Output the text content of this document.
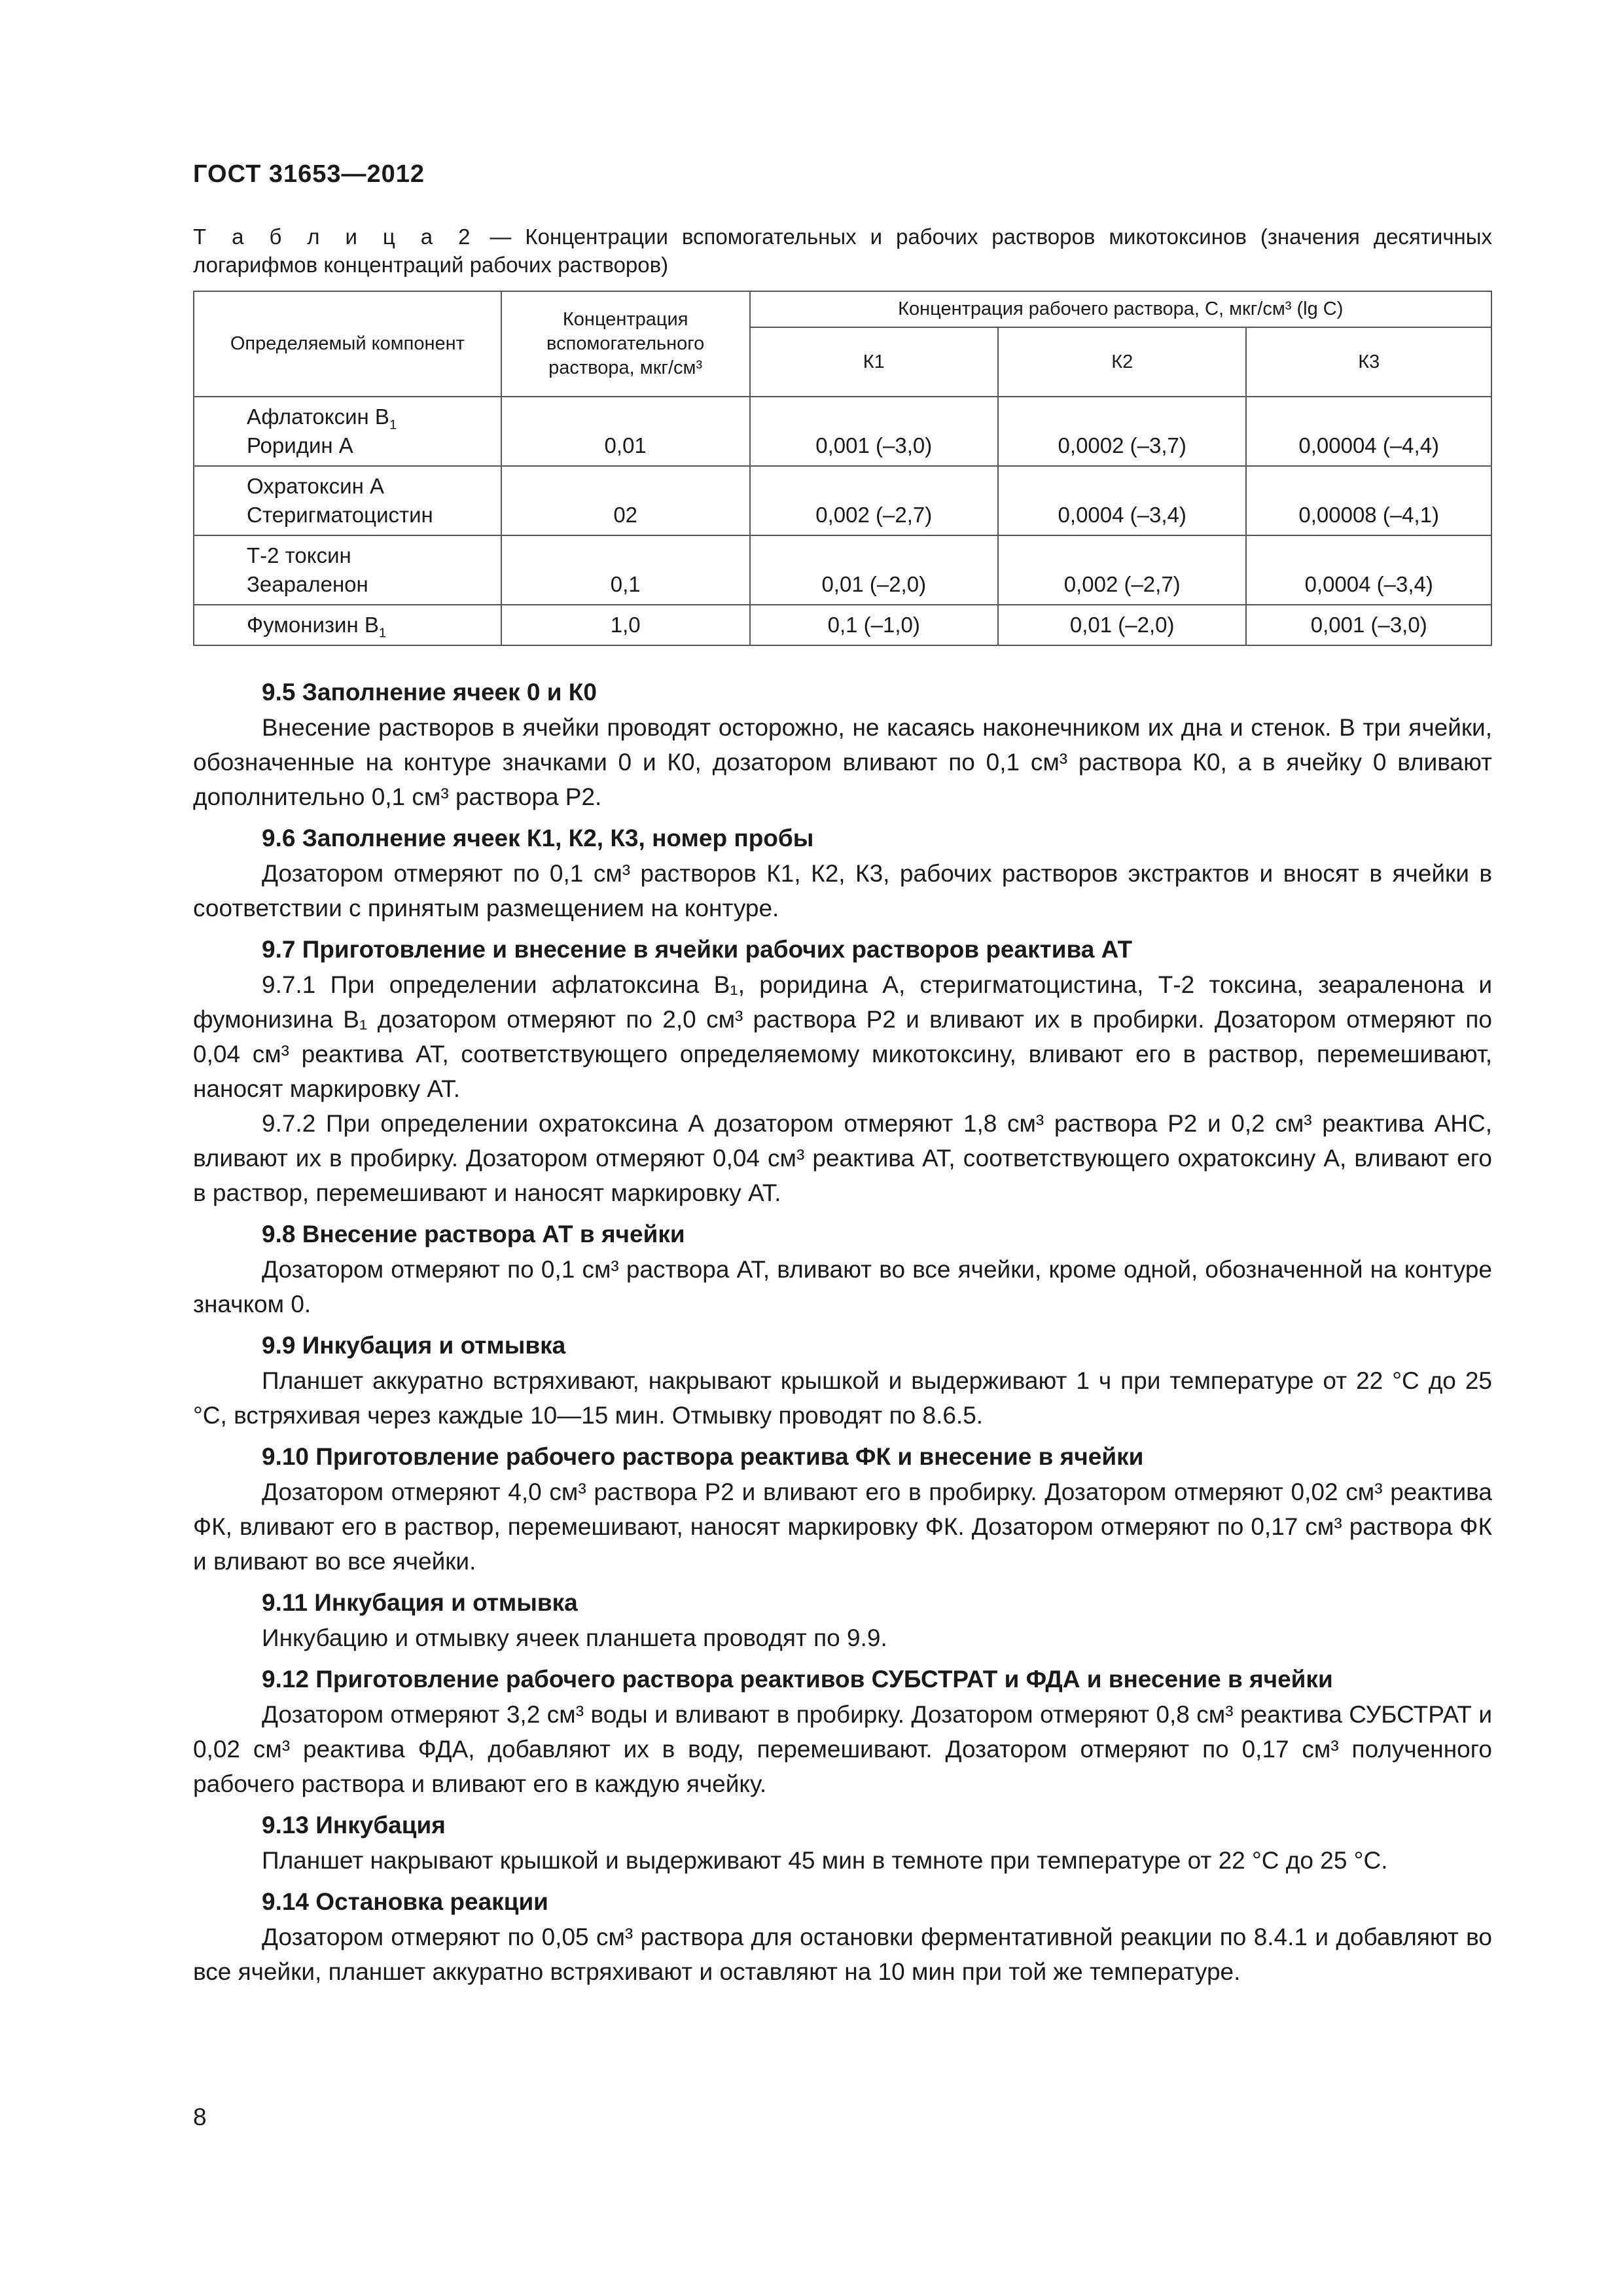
ГОСТ 31653—2012

Т а б л и ц а 2 — Концентрации вспомогательных и рабочих растворов микотоксинов (значения десятичных логарифмов концентраций рабочих растворов)

Определяемый компонент	Концентрация вспомогательного раствора, мкг/см³	Концентрация рабочего раствора, С, мкг/см³ (lg C)		
		К1	К2	К3

Афлатоксин $B_1$
Роридин А	0,01	0,001 (–3,0)	0,0002 (–3,7)	0,00004 (–4,4)

Охратоксин А
Стеригматоцистин	02	0,002 (–2,7)	0,0004 (–3,4)	0,00008 (–4,1)

Т-2 токсин
Зеараленон	0,1	0,01 (–2,0)	0,002 (–2,7)	0,0004 (–3,4)

Фумонизин $B_1$	1,0	0,1 (–1,0)	0,01 (–2,0)	0,001 (–3,0)

9.5 Заполнение ячеек 0 и К0

Внесение растворов в ячейки проводят осторожно, не касаясь наконечником их дна и стенок. В три ячейки, обозначенные на контуре значками 0 и К0, дозатором вливают по 0,1 см³ раствора К0, а в ячейку 0 вливают дополнительно 0,1 см³ раствора Р2.

9.6 Заполнение ячеек К1, К2, К3, номер пробы

Дозатором отмеряют по 0,1 см³ растворов К1, К2, К3, рабочих растворов экстрактов и вносят в ячейки в соответствии с принятым размещением на контуре.

9.7 Приготовление и внесение в ячейки рабочих растворов реактива АТ

9.7.1 При определении афлатоксина В₁, роридина А, стеригматоцистина, Т-2 токсина, зеараленона и фумонизина В₁ дозатором отмеряют по 2,0 см³ раствора Р2 и вливают их в пробирки. Дозатором отмеряют по 0,04 см³ реактива АТ, соответствующего определяемому микотоксину, вливают его в раствор, перемешивают, наносят маркировку АТ.

9.7.2 При определении охратоксина А дозатором отмеряют 1,8 см³ раствора Р2 и 0,2 см³ реактива АНС, вливают их в пробирку. Дозатором отмеряют 0,04 см³ реактива АТ, соответствующего охратоксину А, вливают его в раствор, перемешивают и наносят маркировку АТ.

9.8 Внесение раствора АТ в ячейки

Дозатором отмеряют по 0,1 см³ раствора АТ, вливают во все ячейки, кроме одной, обозначенной на контуре значком 0.

9.9 Инкубация и отмывка

Планшет аккуратно встряхивают, накрывают крышкой и выдерживают 1 ч при температуре от 22 °С до 25 °С, встряхивая через каждые 10—15 мин. Отмывку проводят по 8.6.5.

9.10 Приготовление рабочего раствора реактива ФК и внесение в ячейки

Дозатором отмеряют 4,0 см³ раствора Р2 и вливают его в пробирку. Дозатором отмеряют 0,02 см³ реактива ФК, вливают его в раствор, перемешивают, наносят маркировку ФК. Дозатором отмеряют по 0,17 см³ раствора ФК и вливают во все ячейки.

9.11 Инкубация и отмывка

Инкубацию и отмывку ячеек планшета проводят по 9.9.

9.12 Приготовление рабочего раствора реактивов СУБСТРАТ и ФДА и внесение в ячейки

Дозатором отмеряют 3,2 см³ воды и вливают в пробирку. Дозатором отмеряют 0,8 см³ реактива СУБСТРАТ и 0,02 см³ реактива ФДА, добавляют их в воду, перемешивают. Дозатором отмеряют по 0,17 см³ полученного рабочего раствора и вливают его в каждую ячейку.

9.13 Инкубация

Планшет накрывают крышкой и выдерживают 45 мин в темноте при температуре от 22 °С до 25 °С.

9.14 Остановка реакции

Дозатором отмеряют по 0,05 см³ раствора для остановки ферментативной реакции по 8.4.1 и добавляют во все ячейки, планшет аккуратно встряхивают и оставляют на 10 мин при той же температуре.

8
